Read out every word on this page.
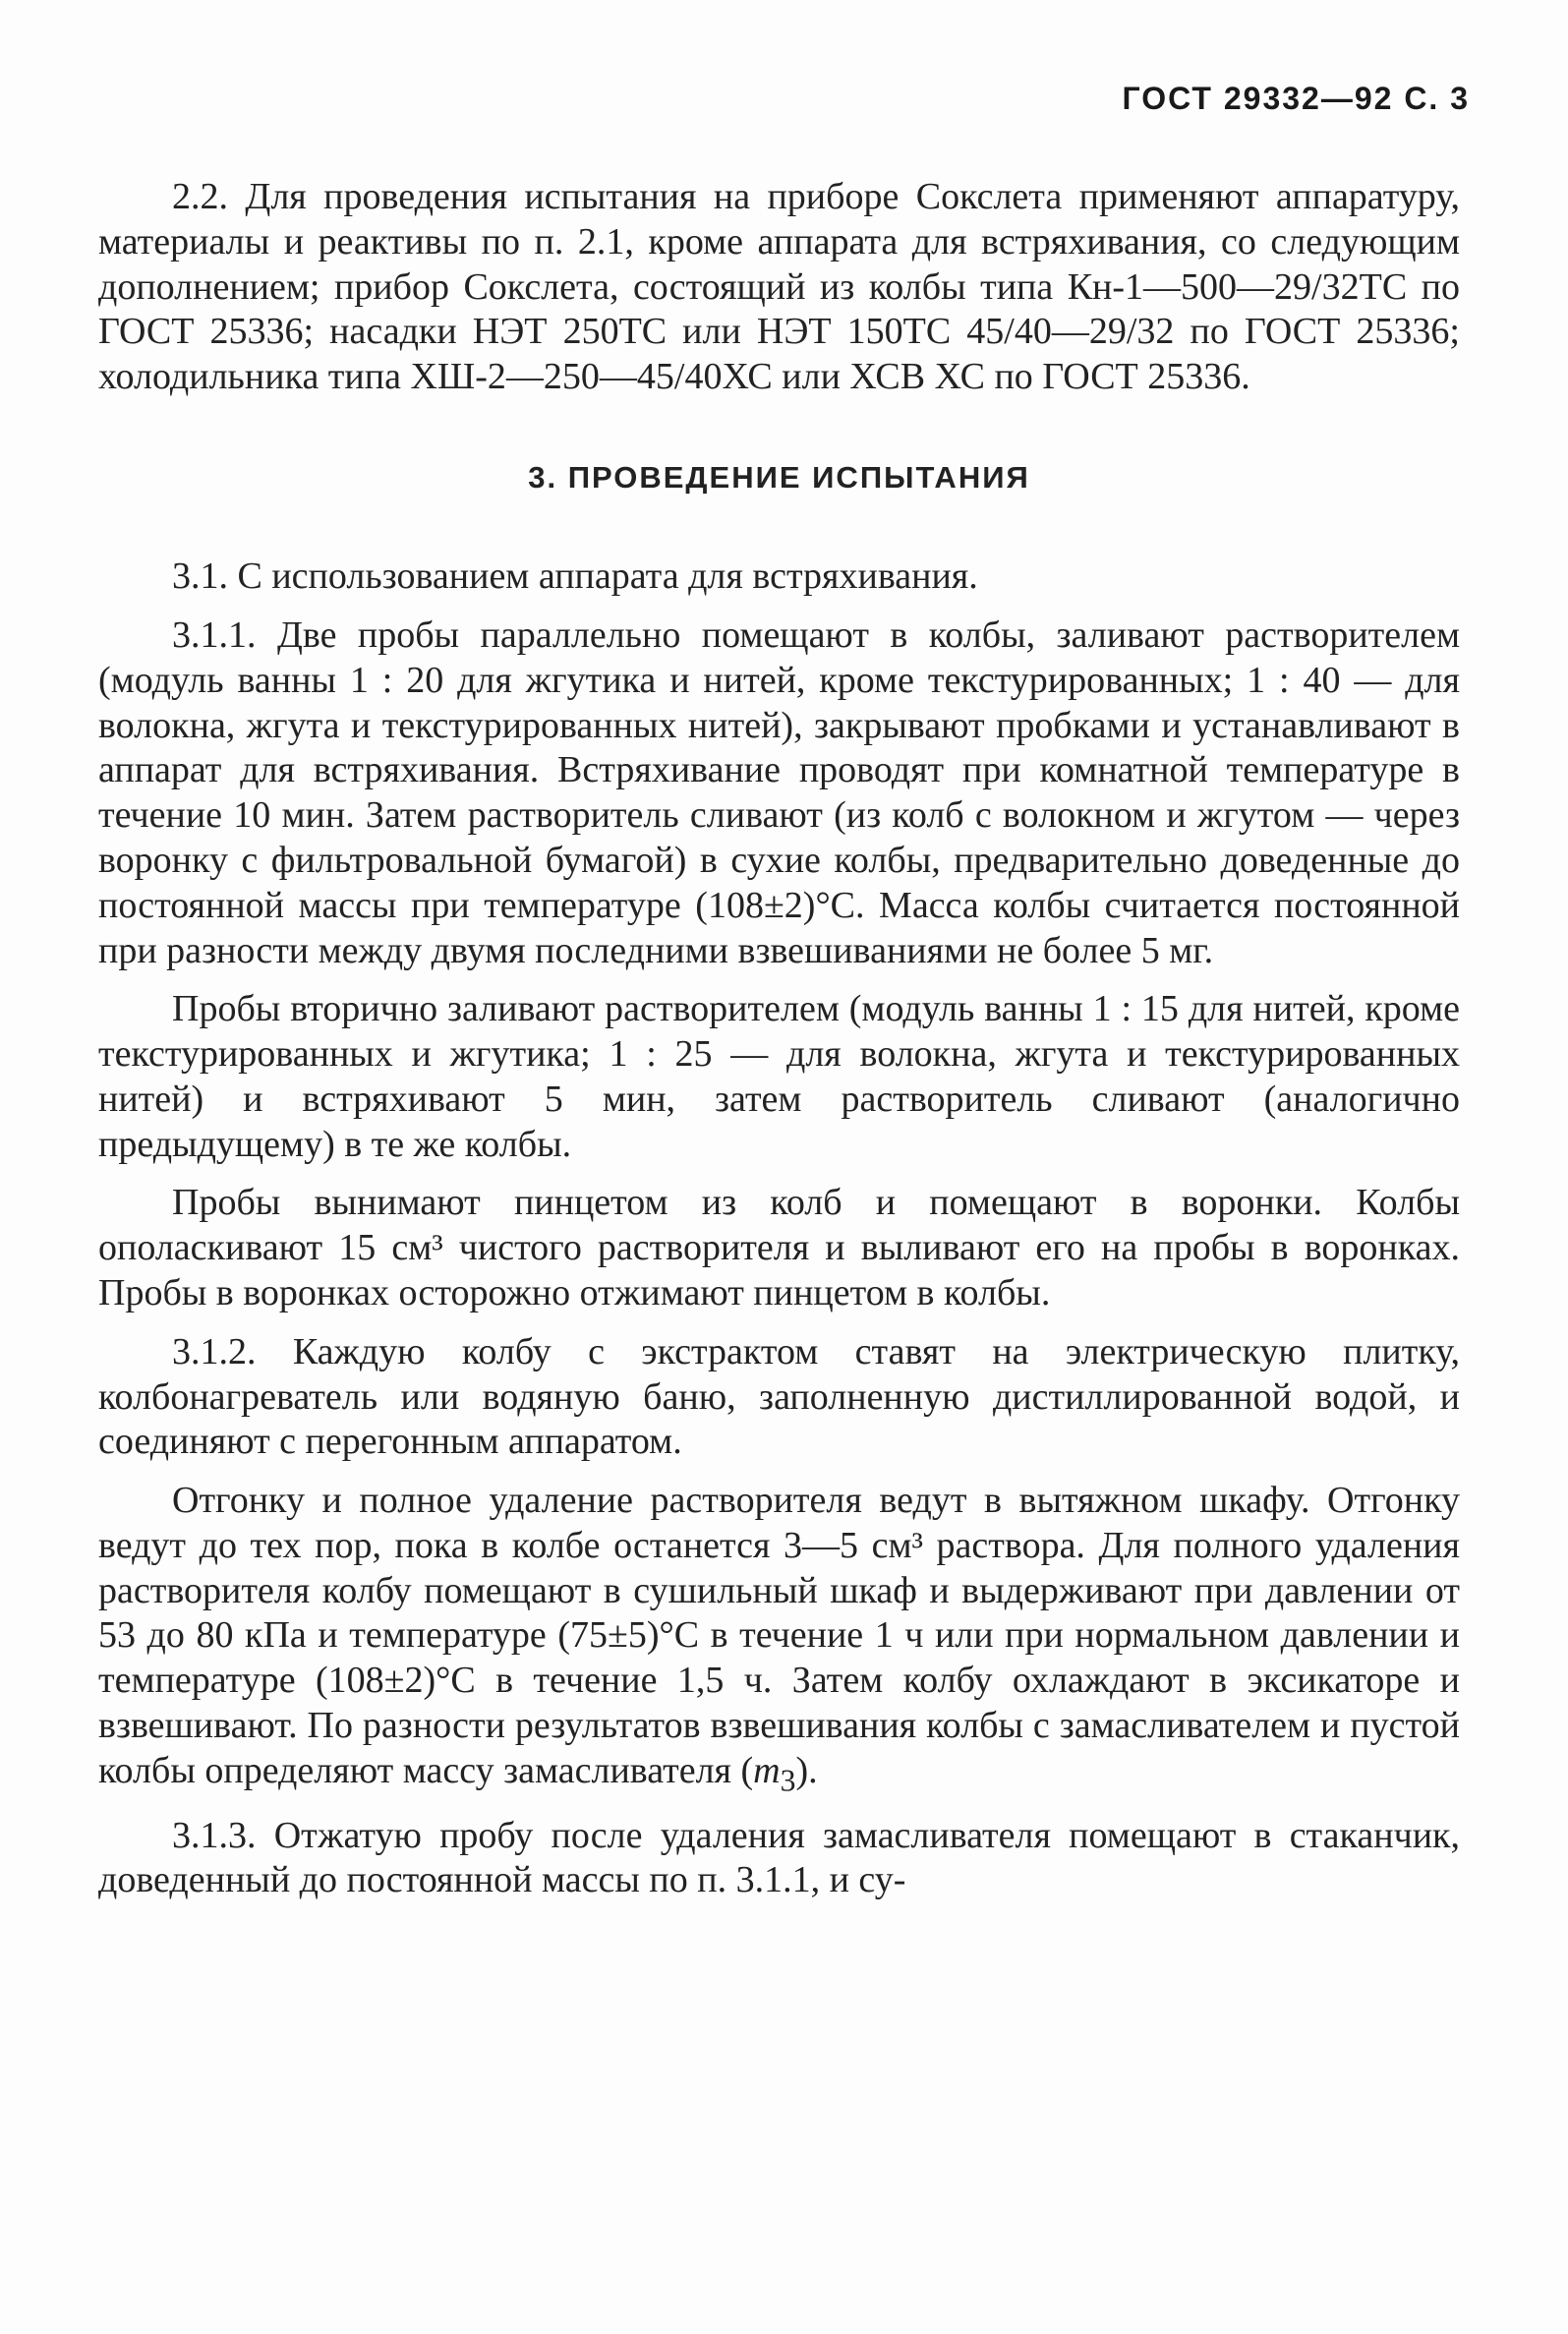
ГОСТ 29332—92 С. 3

2.2. Для проведения испытания на приборе Сокслета применяют аппаратуру, материалы и реактивы по п. 2.1, кроме аппарата для встряхивания, со следующим дополнением; прибор Сокслета, состоящий из колбы типа Кн-1—500—29/32ТС по ГОСТ 25336; насадки НЭТ 250ТС или НЭТ 150ТС 45/40—29/32 по ГОСТ 25336; холодильника типа ХШ-2—250—45/40ХС или ХСВ ХС по ГОСТ 25336.

3. ПРОВЕДЕНИЕ ИСПЫТАНИЯ

3.1. С использованием аппарата для встряхивания.

3.1.1. Две пробы параллельно помещают в колбы, заливают растворителем (модуль ванны 1 : 20 для жгутика и нитей, кроме текстурированных; 1 : 40 — для волокна, жгута и текстурированных нитей), закрывают пробками и устанавливают в аппарат для встряхивания. Встряхивание проводят при комнатной температуре в течение 10 мин. Затем растворитель сливают (из колб с волокном и жгутом — через воронку с фильтровальной бумагой) в сухие колбы, предварительно доведенные до постоянной массы при температуре (108±2)°С. Масса колбы считается постоянной при разности между двумя последними взвешиваниями не более 5 мг.

Пробы вторично заливают растворителем (модуль ванны 1 : 15 для нитей, кроме текстурированных и жгутика; 1 : 25 — для волокна, жгута и текстурированных нитей) и встряхивают 5 мин, затем растворитель сливают (аналогично предыдущему) в те же колбы.

Пробы вынимают пинцетом из колб и помещают в воронки. Колбы ополаскивают 15 см³ чистого растворителя и выливают его на пробы в воронках. Пробы в воронках осторожно отжимают пинцетом в колбы.

3.1.2. Каждую колбу с экстрактом ставят на электрическую плитку, колбонагреватель или водяную баню, заполненную дистиллированной водой, и соединяют с перегонным аппаратом.

Отгонку и полное удаление растворителя ведут в вытяжном шкафу. Отгонку ведут до тех пор, пока в колбе останется 3—5 см³ раствора. Для полного удаления растворителя колбу помещают в сушильный шкаф и выдерживают при давлении от 53 до 80 кПа и температуре (75±5)°С в течение 1 ч или при нормальном давлении и температуре (108±2)°С в течение 1,5 ч. Затем колбу охлаждают в эксикаторе и взвешивают. По разности результатов взвешивания колбы с замасливателем и пустой колбы определяют массу замасливателя $(m_3)$.

3.1.3. Отжатую пробу после удаления замасливателя помещают в стаканчик, доведенный до постоянной массы по п. 3.1.1, и су-
